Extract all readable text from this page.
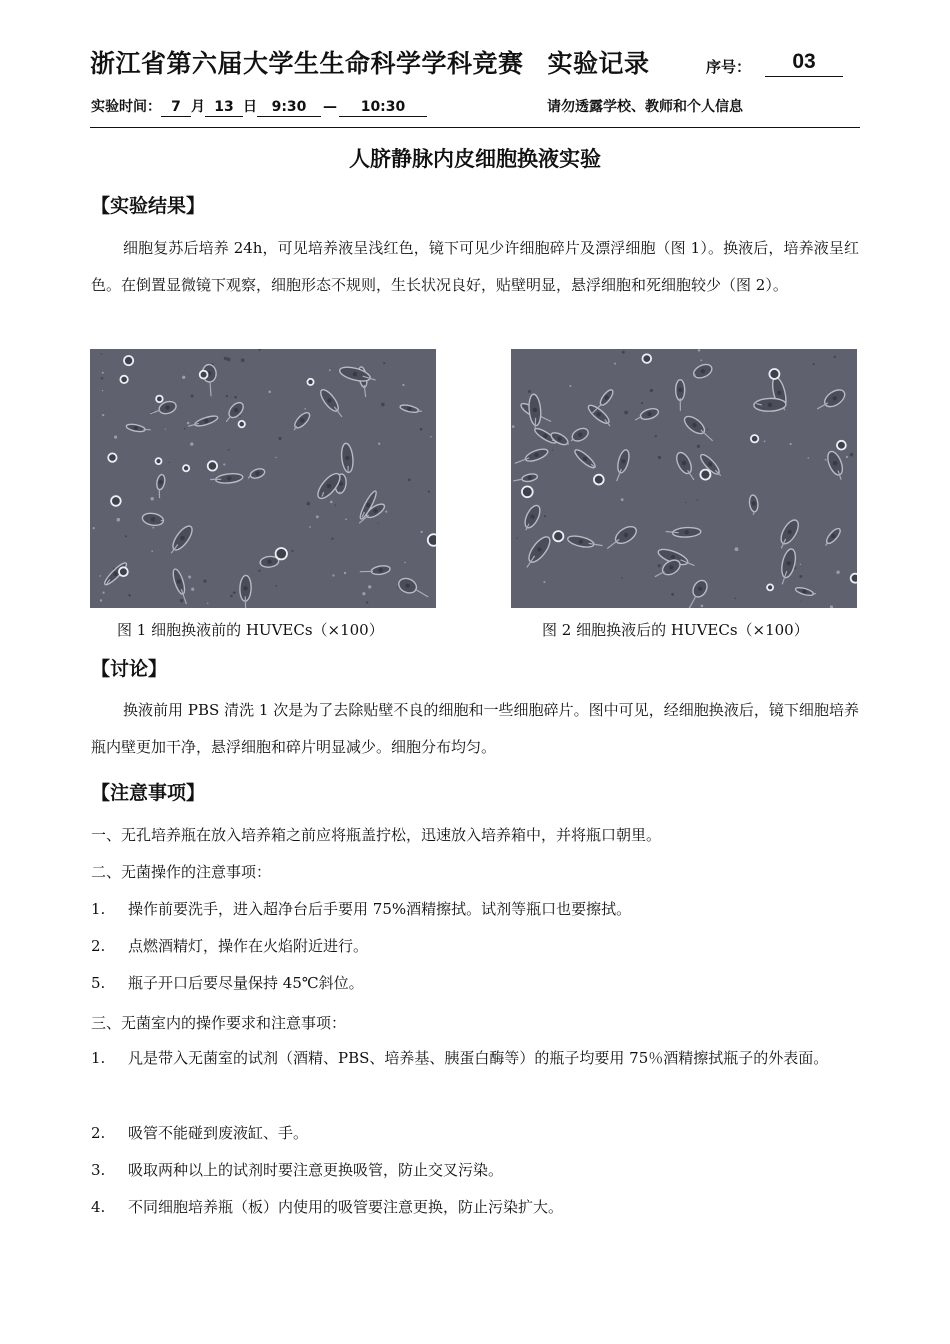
浙江省第六届大学生生命科学学科竞赛 实验记录	序号：	03
实验时间： 7 月 13 日 9:30 — 10:30	请勿透露学校、教师和个人信息
人脐静脉内皮细胞换液实验
【实验结果】
细胞复苏后培养 24h，可见培养液呈浅红色，镜下可见少许细胞碎片及漂浮细胞（图 1）。换液后，培养液呈红色。在倒置显微镜下观察，细胞形态不规则，生长状况良好，贴壁明显，悬浮细胞和死细胞较少（图 2）。
图 1 细胞换液前的 HUVECs（×100）	图 2 细胞换液后的 HUVECs（×100）
【讨论】
换液前用 PBS 清洗 1 次是为了去除贴壁不良的细胞和一些细胞碎片。图中可见，经细胞换液后，镜下细胞培养瓶内壁更加干净，悬浮细胞和碎片明显减少。细胞分布均匀。
【注意事项】
一、无孔培养瓶在放入培养箱之前应将瓶盖拧松，迅速放入培养箱中，并将瓶口朝里。
二、无菌操作的注意事项：
1.	操作前要洗手，进入超净台后手要用 75%酒精擦拭。试剂等瓶口也要擦拭。
2.	点燃酒精灯，操作在火焰附近进行。
5.	瓶子开口后要尽量保持 45℃斜位。
三、无菌室内的操作要求和注意事项：
1.	凡是带入无菌室的试剂（酒精、PBS、培养基、胰蛋白酶等）的瓶子均要用 75％酒精擦拭瓶子的外表面。
2.	吸管不能碰到废液缸、手。
3.	吸取两种以上的试剂时要注意更换吸管，防止交叉污染。
4.	不同细胞培养瓶（板）内使用的吸管要注意更换，防止污染扩大。
